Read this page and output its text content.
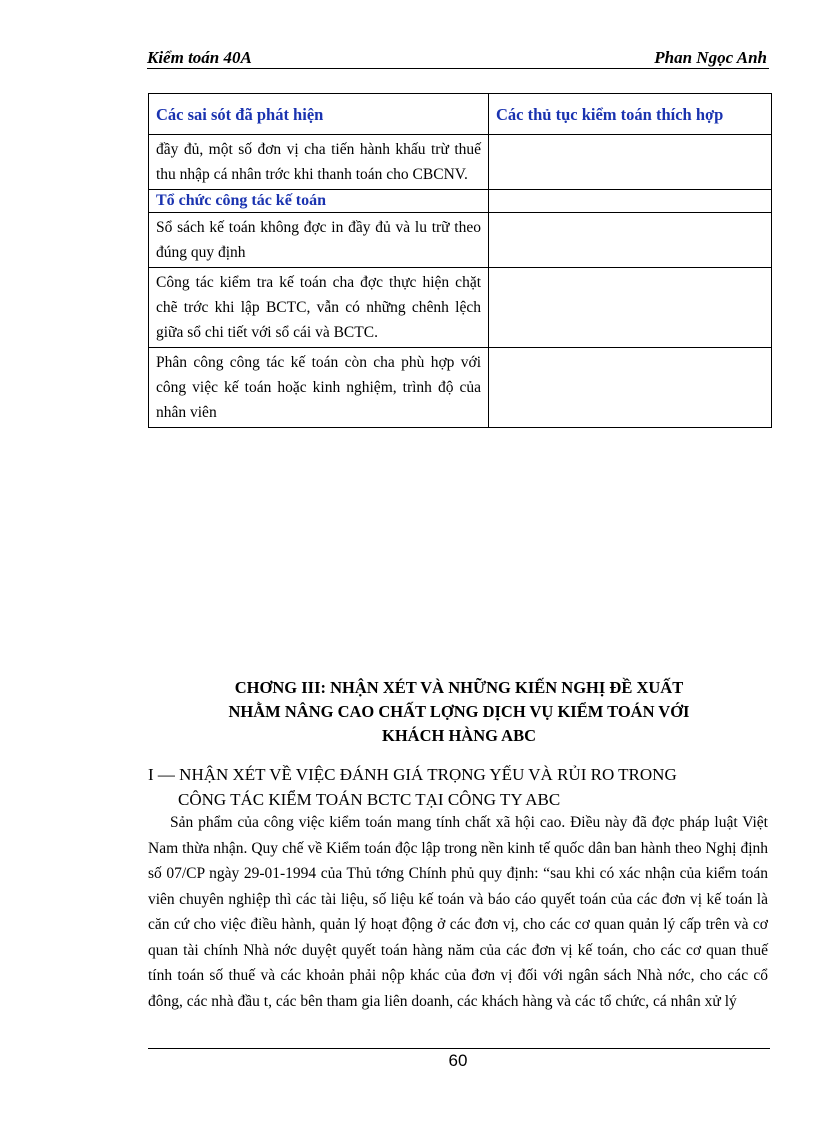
Kiểm toán 40A	Phan Ngọc Anh
Các sai sót đã phát hiện	Các thủ tục kiểm toán thích hợp
đầy đủ, một số đơn vị cha tiến hành khấu trừ thuế thu nhập cá nhân trớc khi thanh toán cho CBCNV.	
Tổ chức công tác kế toán	
Sổ sách kế toán không đợc in đầy đủ và lu trữ theo đúng quy định	
Công tác kiểm tra kế toán cha đợc thực hiện chặt chẽ trớc khi lập BCTC, vẫn có những chênh lệch giữa sổ chi tiết với sổ cái và BCTC.	
Phân công công tác kế toán còn cha phù hợp với công việc kế toán hoặc kinh nghiệm, trình độ của nhân viên	
CHƠNG III: NHẬN XÉT VÀ NHỮNG KIẾN NGHỊ ĐỀ XUẤT
NHẰM NÂNG CAO CHẤT LỢNG DỊCH VỤ KIỂM TOÁN VỚI
KHÁCH HÀNG ABC
I — NHẬN XÉT VỀ VIỆC ĐÁNH GIÁ TRỌNG YẾU VÀ RỦI RO TRONG
CÔNG TÁC KIỂM TOÁN BCTC TẠI CÔNG TY ABC
Sản phẩm của công việc kiểm toán mang tính chất xã hội cao. Điều này đã đợc pháp luật Việt Nam thừa nhận. Quy chế về Kiểm toán độc lập trong nền kinh tế quốc dân ban hành theo Nghị định số 07/CP ngày 29-01-1994 của Thủ tớng Chính phủ quy định: “sau khi có xác nhận của kiểm toán viên chuyên nghiệp thì các tài liệu, số liệu kế toán và báo cáo quyết toán của các đơn vị kế toán là căn cứ cho việc điều hành, quản lý hoạt động ở các đơn vị, cho các cơ quan quản lý cấp trên và cơ quan tài chính Nhà nớc duyệt quyết toán hàng năm của các đơn vị kế toán, cho các cơ quan thuế tính toán số thuế và các khoản phải nộp khác của đơn vị đối với ngân sách Nhà nớc, cho các cổ đông, các nhà đầu t, các bên tham gia liên doanh, các khách hàng và các tổ chức, cá nhân xử lý
60
